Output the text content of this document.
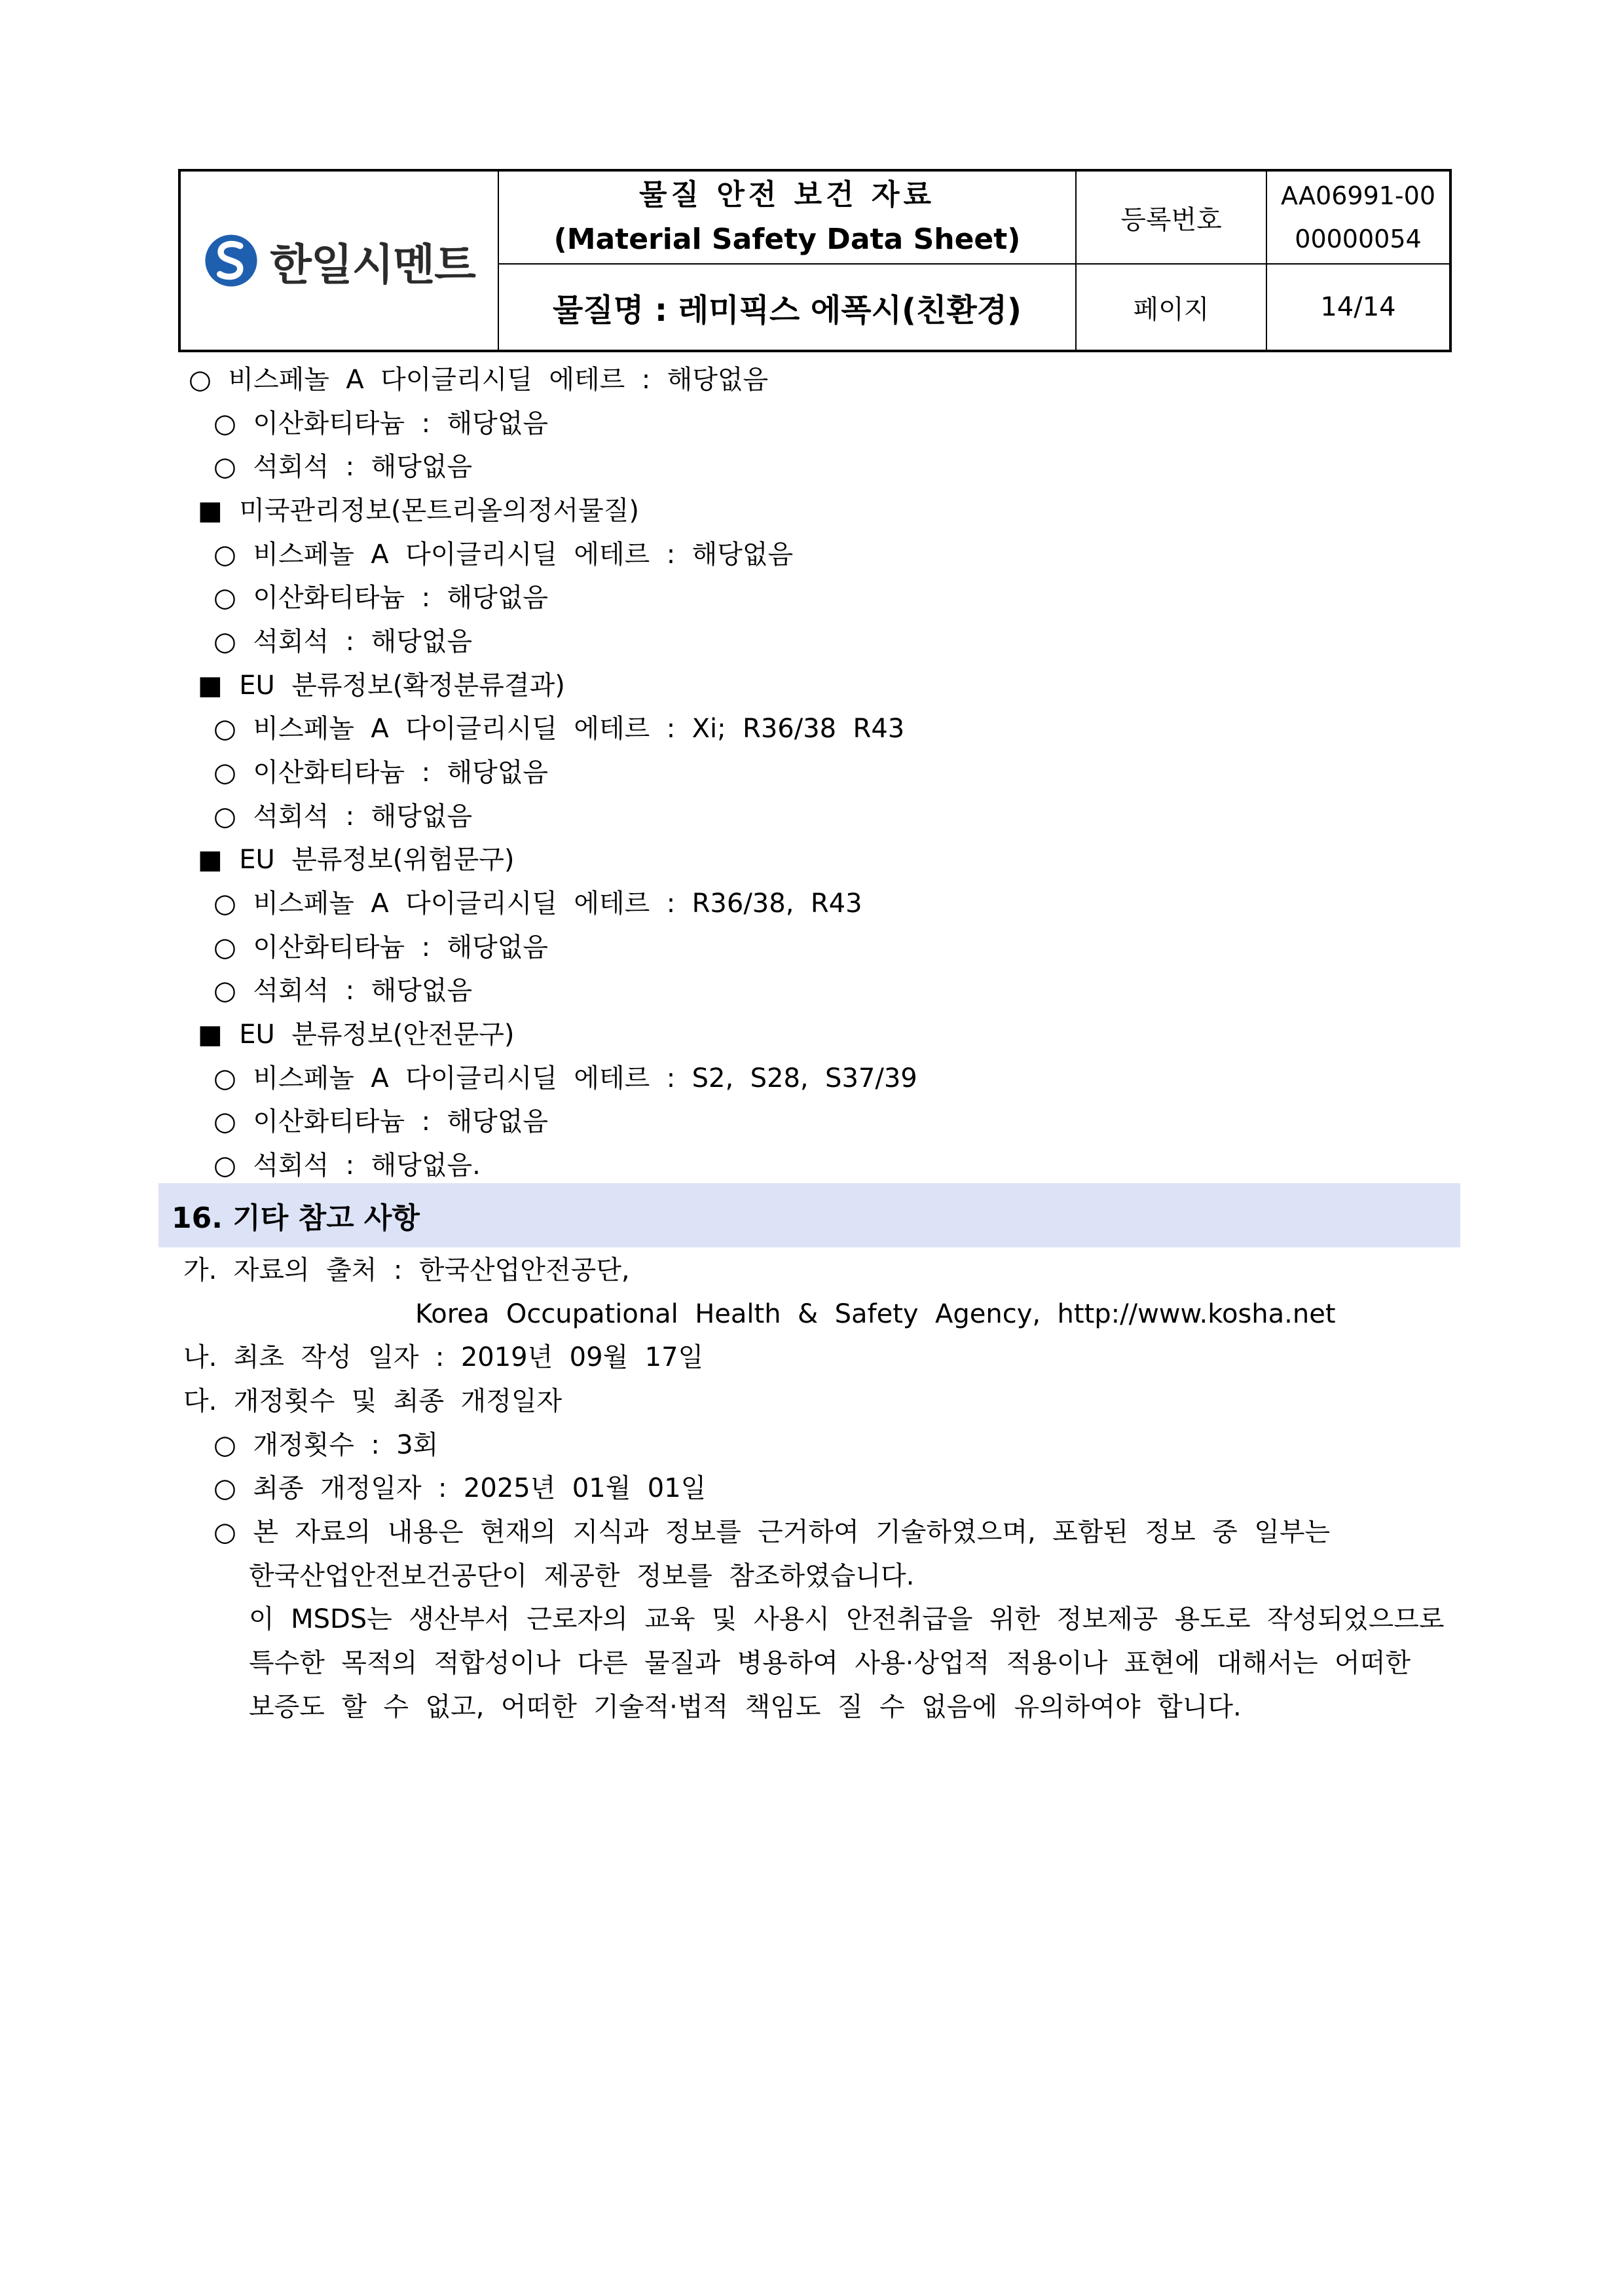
한일시멘트
물질 안전 보건 자료
(Material Safety Data Sheet)
등록번호
AA06991-00
00000054
물질명 : 레미픽스 에폭시(친환경)	페이지	14/14
○  비스페놀  A  다이글리시딜  에테르  :  해당없음
○  이산화티타늄  :  해당없음
○  석회석  :  해당없음
■  미국관리정보(몬트리올의정서물질)
○  비스페놀  A  다이글리시딜  에테르  :  해당없음
○  이산화티타늄  :  해당없음
○  석회석  :  해당없음
■  EU  분류정보(확정분류결과)
○  비스페놀  A  다이글리시딜  에테르  :  Xi;  R36/38  R43
○  이산화티타늄  :  해당없음
○  석회석  :  해당없음
■  EU  분류정보(위험문구)
○  비스페놀  A  다이글리시딜  에테르  :  R36/38,  R43
○  이산화티타늄  :  해당없음
○  석회석  :  해당없음
■  EU  분류정보(안전문구)
○  비스페놀  A  다이글리시딜  에테르  :  S2,  S28,  S37/39
○  이산화티타늄  :  해당없음
○  석회석  :  해당없음.
16. 기타 참고 사항
가.  자료의  출처  :  한국산업안전공단,
Korea  Occupational  Health  &  Safety  Agency,  http://www.kosha.net
나.  최초  작성  일자  :  2019년  09월  17일
다.  개정횟수  및  최종  개정일자
○  개정횟수  :  3회
○  최종  개정일자  :  2025년  01월  01일
○  본  자료의  내용은  현재의  지식과  정보를  근거하여  기술하였으며,  포함된  정보  중  일부는
한국산업안전보건공단이  제공한  정보를  참조하였습니다.
이  MSDS는  생산부서  근로자의  교육  및  사용시  안전취급을  위한  정보제공  용도로  작성되었으므로
특수한  목적의  적합성이나  다른  물질과  병용하여  사용·상업적  적용이나  표현에  대해서는  어떠한
보증도  할  수  없고,  어떠한  기술적·법적  책임도  질  수  없음에  유의하여야  합니다.
